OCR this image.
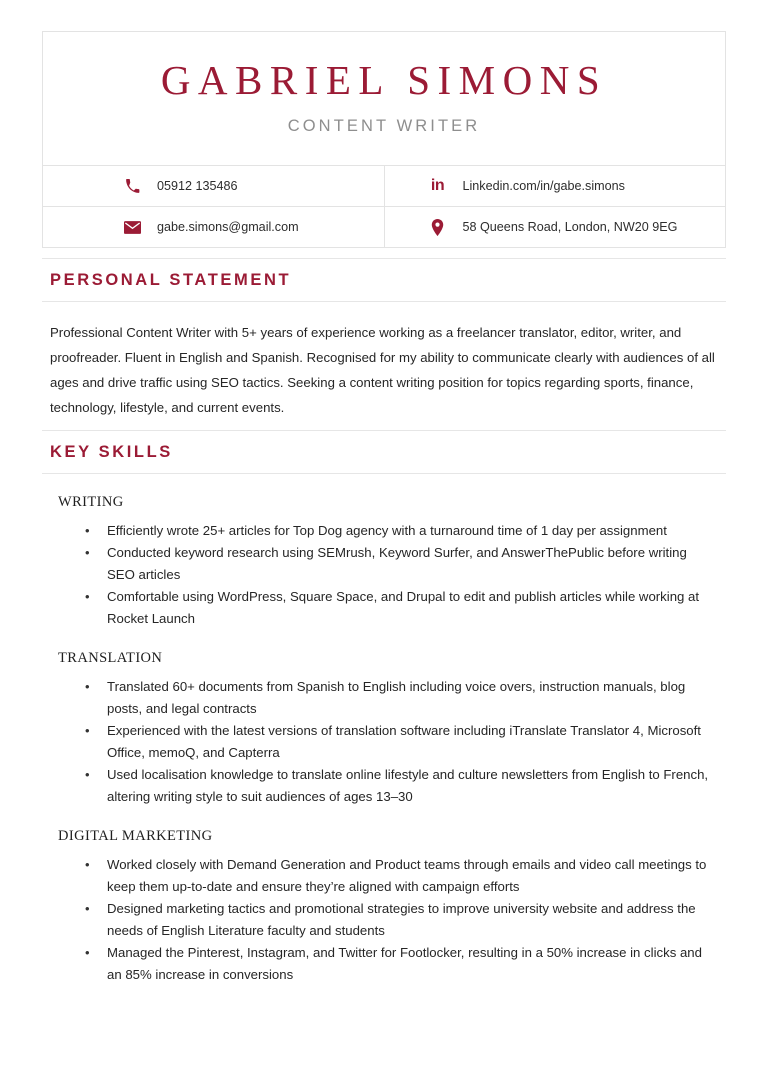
GABRIEL SIMONS
CONTENT WRITER
05912 135486	in Linkedin.com/in/gabe.simons

gabe.simons@gmail.com	58 Queens Road, London, NW20 9EG
PERSONAL STATEMENT
Professional Content Writer with 5+ years of experience working as a freelancer translator, editor, writer, and proofreader. Fluent in English and Spanish. Recognised for my ability to communicate clearly with audiences of all ages and drive traffic using SEO tactics. Seeking a content writing position for topics regarding sports, finance, technology, lifestyle, and current events.
KEY SKILLS
WRITING
• Efficiently wrote 25+ articles for Top Dog agency with a turnaround time of 1 day per assignment
• Conducted keyword research using SEMrush, Keyword Surfer, and AnswerThePublic before writing SEO articles
• Comfortable using WordPress, Square Space, and Drupal to edit and publish articles while working at Rocket Launch
TRANSLATION
• Translated 60+ documents from Spanish to English including voice overs, instruction manuals, blog posts, and legal contracts
• Experienced with the latest versions of translation software including iTranslate Translator 4, Microsoft Office, memoQ, and Capterra
• Used localisation knowledge to translate online lifestyle and culture newsletters from English to French, altering writing style to suit audiences of ages 13–30
DIGITAL MARKETING
• Worked closely with Demand Generation and Product teams through emails and video call meetings to keep them up-to-date and ensure they’re aligned with campaign efforts
• Designed marketing tactics and promotional strategies to improve university website and address the needs of English Literature faculty and students
• Managed the Pinterest, Instagram, and Twitter for Footlocker, resulting in a 50% increase in clicks and an 85% increase in conversions
